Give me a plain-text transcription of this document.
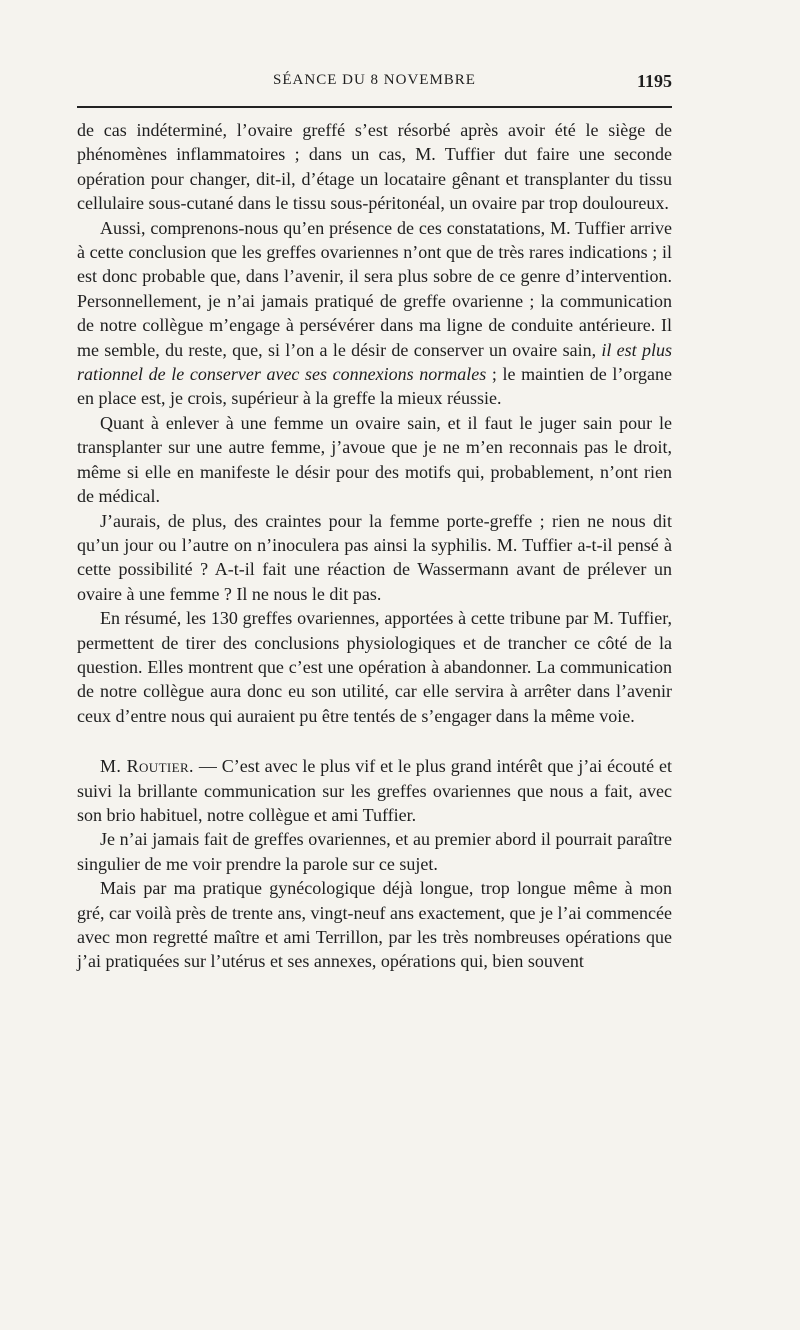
SÉANCE DU 8 NOVEMBRE	1195

de cas indéterminé, l’ovaire greffé s’est résorbé après avoir été le siège de phénomènes inflammatoires ; dans un cas, M. Tuffier dut faire une seconde opération pour changer, dit-il, d’étage un locataire gênant et transplanter du tissu cellulaire sous-cutané dans le tissu sous-péritonéal, un ovaire par trop douloureux.

Aussi, comprenons-nous qu’en présence de ces constatations, M. Tuffier arrive à cette conclusion que les greffes ovariennes n’ont que de très rares indications ; il est donc probable que, dans l’avenir, il sera plus sobre de ce genre d’intervention. Personnellement, je n’ai jamais pratiqué de greffe ovarienne ; la communication de notre collègue m’engage à persévérer dans ma ligne de conduite antérieure. Il me semble, du reste, que, si l’on a le désir de conserver un ovaire sain, il est plus rationnel de le conserver avec ses connexions normales ; le maintien de l’organe en place est, je crois, supérieur à la greffe la mieux réussie.

Quant à enlever à une femme un ovaire sain, et il faut le juger sain pour le transplanter sur une autre femme, j’avoue que je ne m’en reconnais pas le droit, même si elle en manifeste le désir pour des motifs qui, probablement, n’ont rien de médical.

J’aurais, de plus, des craintes pour la femme porte-greffe ; rien ne nous dit qu’un jour ou l’autre on n’inoculera pas ainsi la syphilis. M. Tuffier a-t-il pensé à cette possibilité ? A-t-il fait une réaction de Wassermann avant de prélever un ovaire à une femme ? Il ne nous le dit pas.

En résumé, les 130 greffes ovariennes, apportées à cette tribune par M. Tuffier, permettent de tirer des conclusions physiologiques et de trancher ce côté de la question. Elles montrent que c’est une opération à abandonner. La communication de notre collègue aura donc eu son utilité, car elle servira à arrêter dans l’avenir ceux d’entre nous qui auraient pu être tentés de s’engager dans la même voie.

M. Routier. — C’est avec le plus vif et le plus grand intérêt que j’ai écouté et suivi la brillante communication sur les greffes ovariennes que nous a fait, avec son brio habituel, notre collègue et ami Tuffier.

Je n’ai jamais fait de greffes ovariennes, et au premier abord il pourrait paraître singulier de me voir prendre la parole sur ce sujet.

Mais par ma pratique gynécologique déjà longue, trop longue même à mon gré, car voilà près de trente ans, vingt-neuf ans exactement, que je l’ai commencée avec mon regretté maître et ami Terrillon, par les très nombreuses opérations que j’ai pratiquées sur l’utérus et ses annexes, opérations qui, bien souvent
